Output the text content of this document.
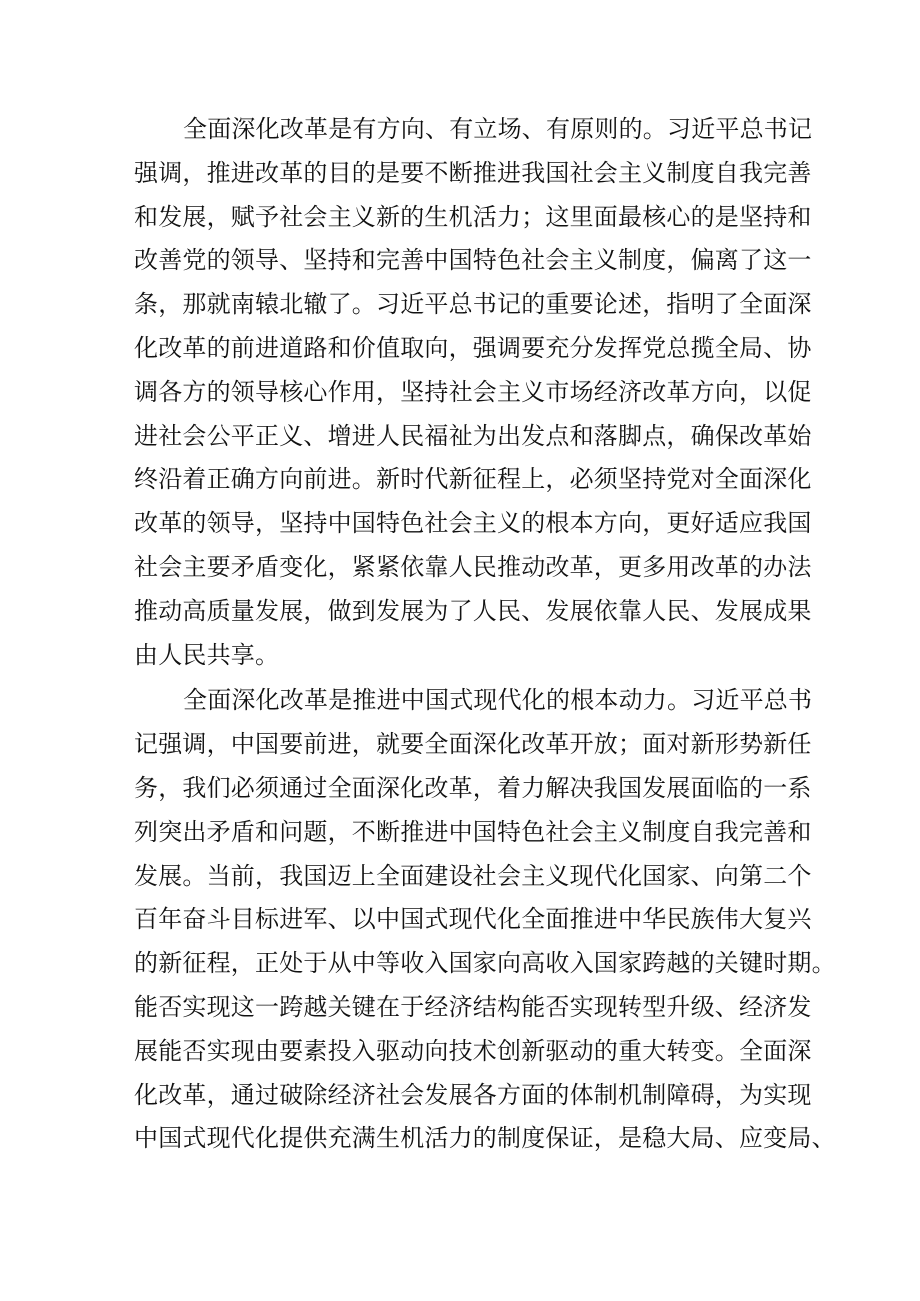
全面深化改革是有方向、有立场、有原则的。习近平总书记
强调，推进改革的目的是要不断推进我国社会主义制度自我完善
和发展，赋予社会主义新的生机活力；这里面最核心的是坚持和
改善党的领导、坚持和完善中国特色社会主义制度，偏离了这一
条，那就南辕北辙了。习近平总书记的重要论述，指明了全面深
化改革的前进道路和价值取向，强调要充分发挥党总揽全局、协
调各方的领导核心作用，坚持社会主义市场经济改革方向，以促
进社会公平正义、增进人民福祉为出发点和落脚点，确保改革始
终沿着正确方向前进。新时代新征程上，必须坚持党对全面深化
改革的领导，坚持中国特色社会主义的根本方向，更好适应我国
社会主要矛盾变化，紧紧依靠人民推动改革，更多用改革的办法
推动高质量发展，做到发展为了人民、发展依靠人民、发展成果
由人民共享。

全面深化改革是推进中国式现代化的根本动力。习近平总书
记强调，中国要前进，就要全面深化改革开放；面对新形势新任
务，我们必须通过全面深化改革，着力解决我国发展面临的一系
列突出矛盾和问题，不断推进中国特色社会主义制度自我完善和
发展。当前，我国迈上全面建设社会主义现代化国家、向第二个
百年奋斗目标进军、以中国式现代化全面推进中华民族伟大复兴
的新征程，正处于从中等收入国家向高收入国家跨越的关键时期。
能否实现这一跨越关键在于经济结构能否实现转型升级、经济发
展能否实现由要素投入驱动向技术创新驱动的重大转变。全面深
化改革，通过破除经济社会发展各方面的体制机制障碍，为实现
中国式现代化提供充满生机活力的制度保证，是稳大局、应变局、
